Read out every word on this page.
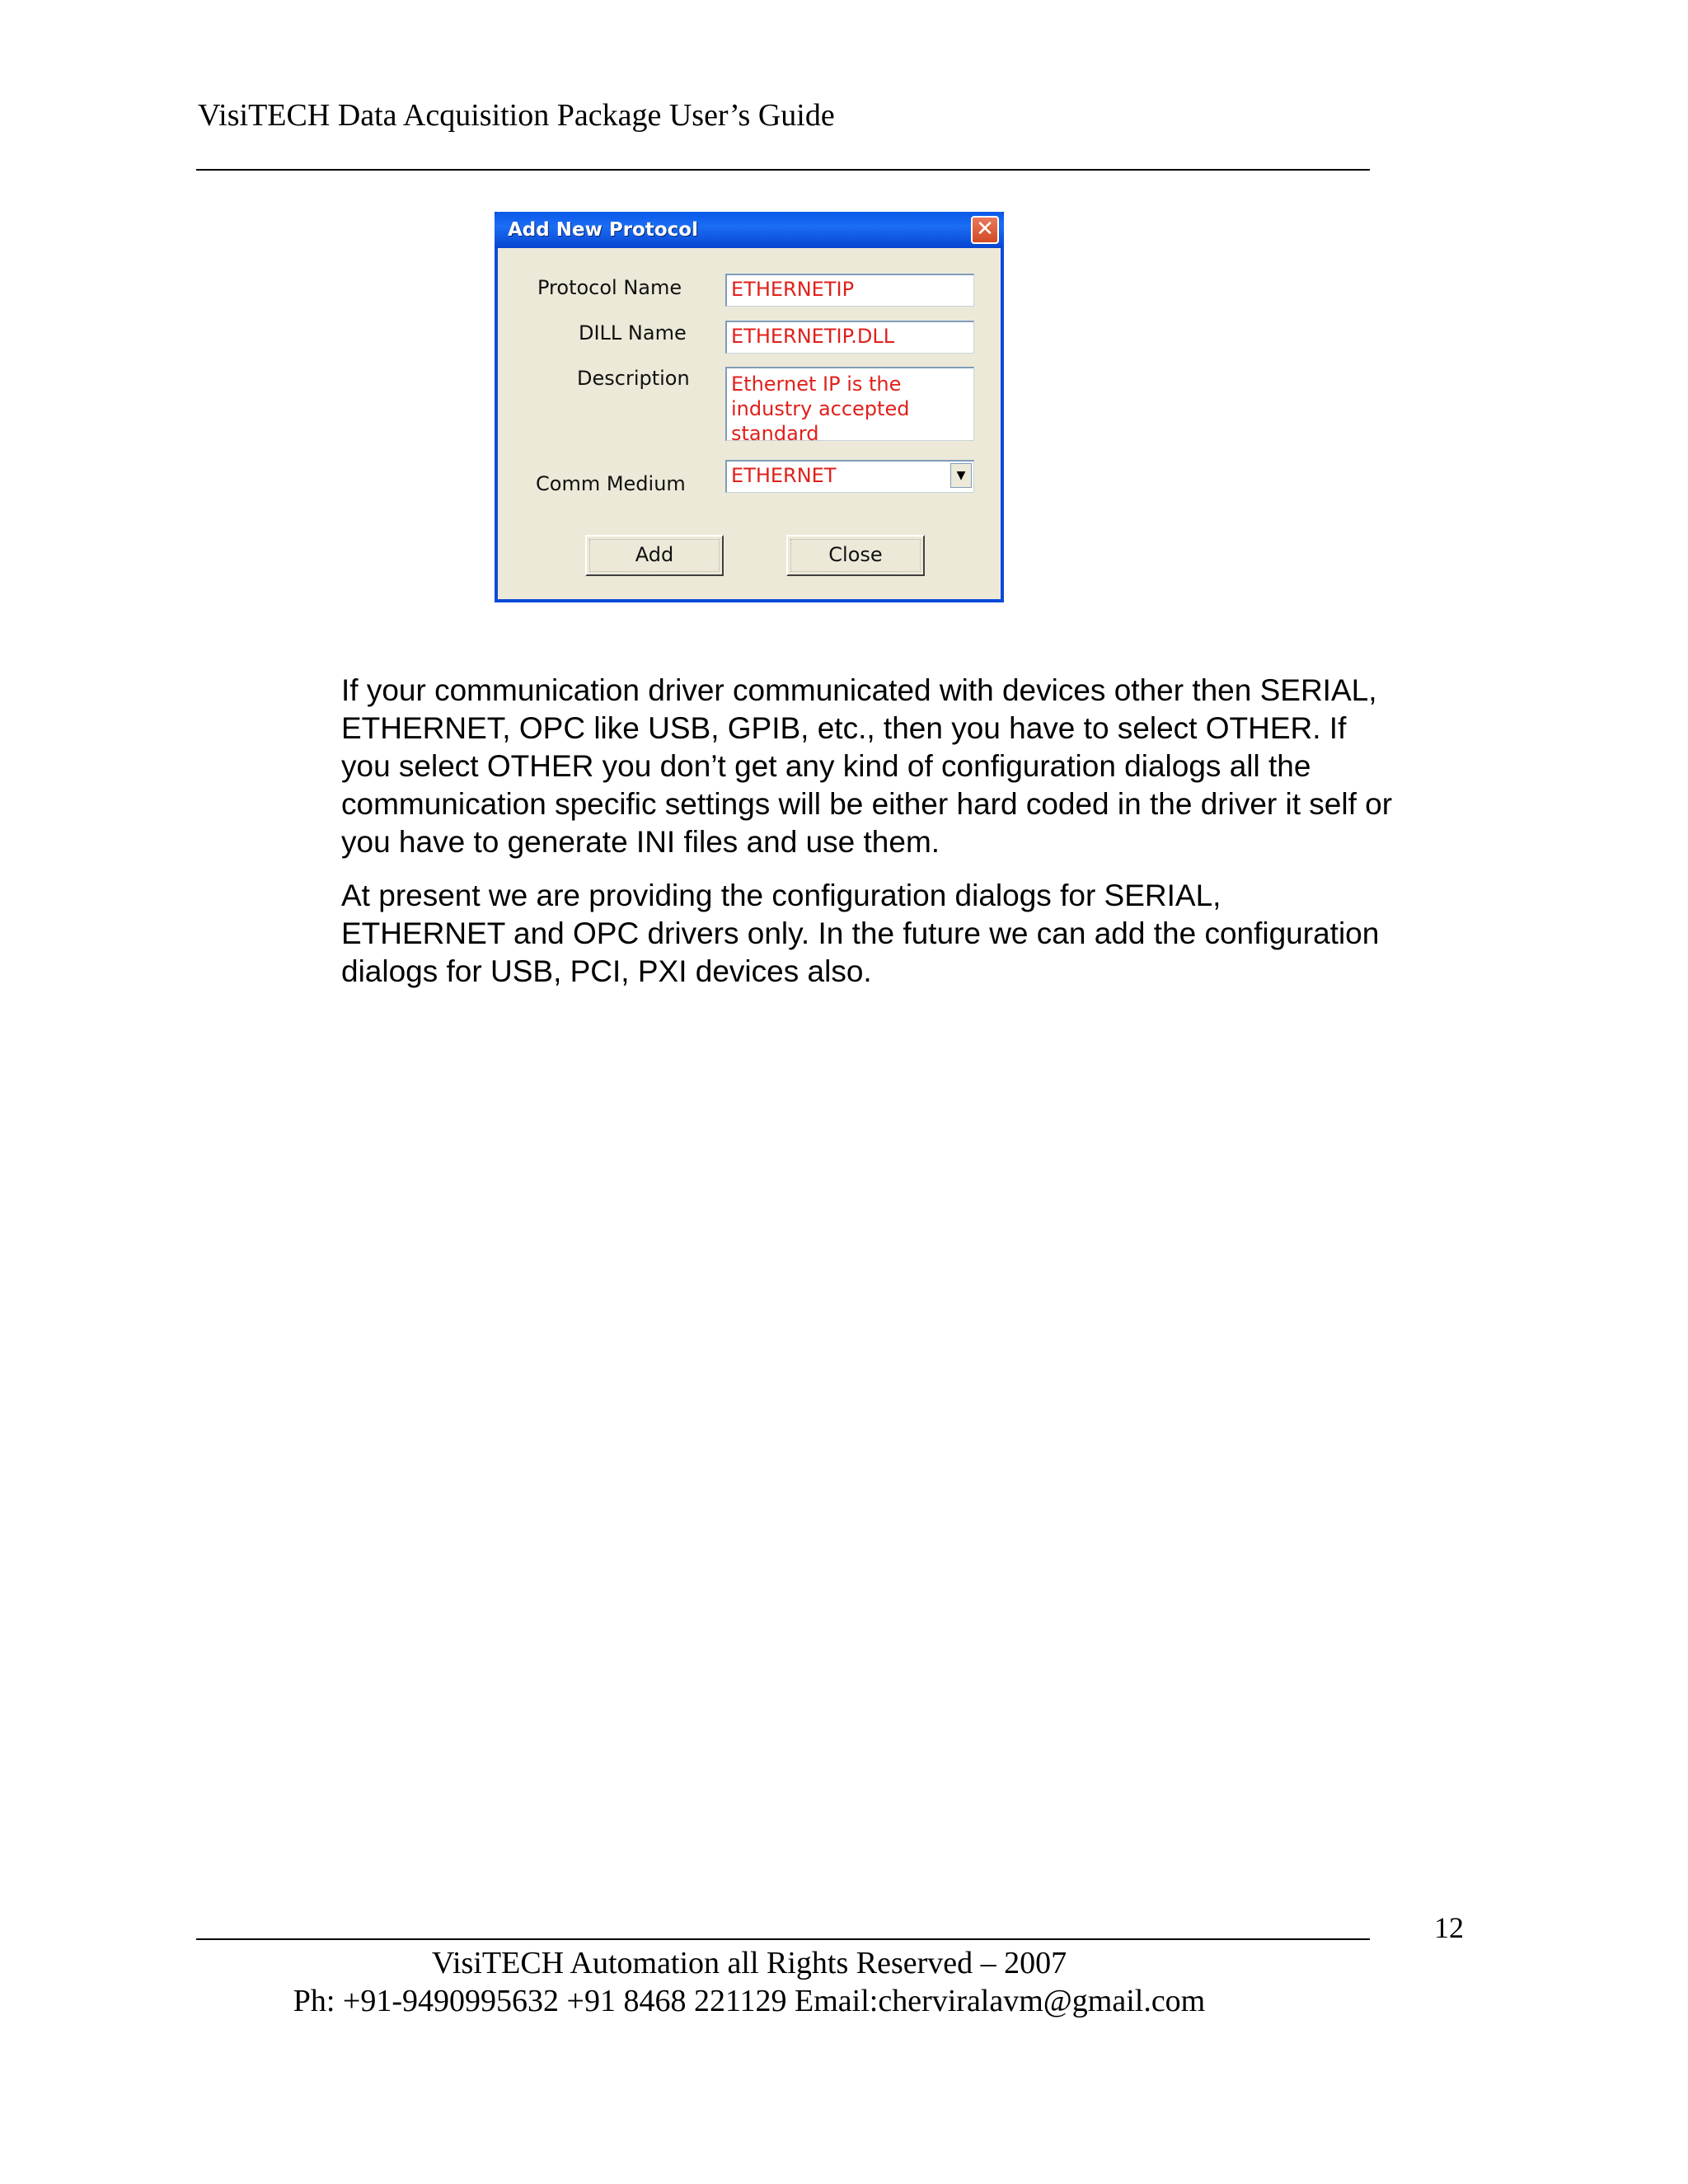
VisiTECH Data Acquisition Package User’s Guide
Add New Protocol	✕
Protocol Name ETHERNETIP
DILL Name ETHERNETIP.DLL
Description Ethernet IP is the industry accepted standard
Comm Medium ETHERNET	▼
Add	Close
If your communication driver communicated with devices other then SERIAL,
ETHERNET, OPC like USB, GPIB, etc., then you have to select OTHER. If
you select OTHER you don’t get any kind of configuration dialogs all the
communication specific settings will be either hard coded in the driver it self or
you have to generate INI files and use them.
At present we are providing the configuration dialogs for SERIAL,
ETHERNET and OPC drivers only. In the future we can add the configuration
dialogs for USB, PCI, PXI devices also.
12
VisiTECH Automation all Rights Reserved – 2007
Ph: +91-9490995632 +91 8468 221129 Email:cherviralavm@gmail.com
